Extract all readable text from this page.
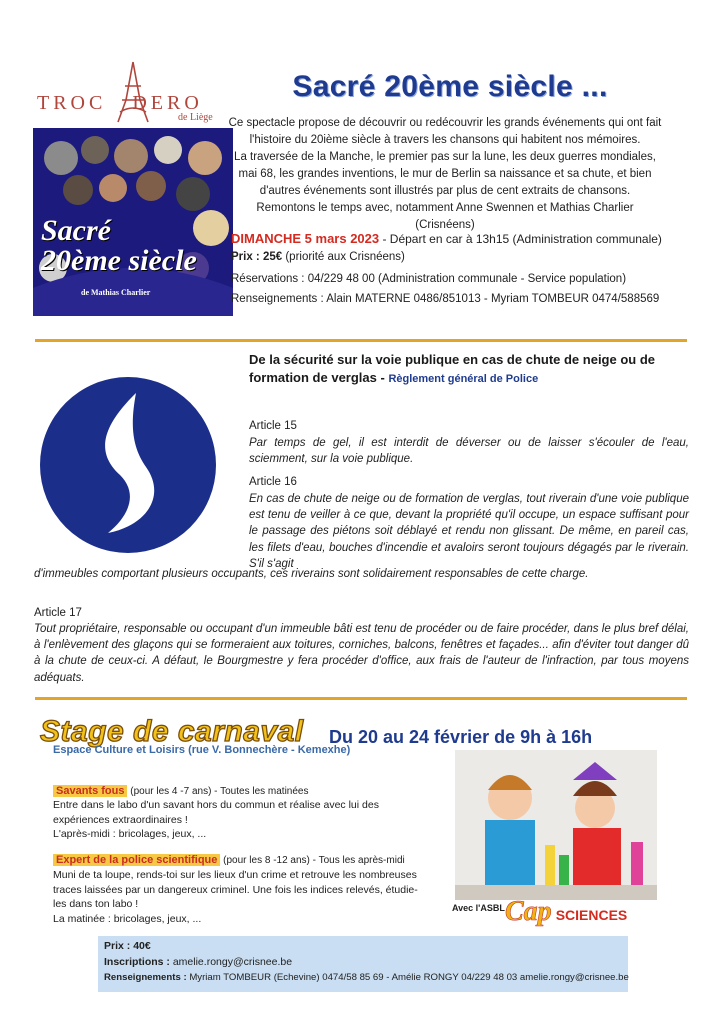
TROC DERO
de Liège
Sacré
20ème siècle
de Mathias Charlier
Sacré 20ème siècle ...
Ce spectacle propose de découvrir ou redécouvrir les grands événements qui ont fait
l'histoire du 20ième siècle à travers les chansons qui habitent nos mémoires.
La traversée de la Manche, le premier pas sur la lune, les deux guerres mondiales,
mai 68, les grandes inventions, le mur de Berlin sa naissance et sa chute, et bien
d'autres événements sont illustrés par plus de cent extraits de chansons.
Remontons le temps avec, notamment Anne Swennen et Mathias Charlier (Crisnéens)
DIMANCHE 5 mars 2023 - Départ en car à 13h15 (Administration communale)
Prix : 25€ (priorité aux Crisnéens)
Réservations : 04/229 48 00 (Administration communale - Service population)
Renseignements : Alain MATERNE 0486/851013 - Myriam TOMBEUR 0474/588569
De la sécurité sur la voie publique en cas de chute de neige ou de formation de verglas - Règlement général de Police
Article 15
Par temps de gel, il est interdit de déverser ou de laisser s'écouler de l'eau, sciemment, sur la voie publique.
Article 16
En cas de chute de neige ou de formation de verglas, tout riverain d'une voie publique est tenu de veiller à ce que, devant la propriété qu'il occupe, un espace suffisant pour le passage des piétons soit déblayé et rendu non glissant. De même, en pareil cas, les filets d'eau, bouches d'incendie et avaloirs seront toujours dégagés par le riverain. S'il s'agit
d'immeubles comportant plusieurs occupants, ces riverains sont solidairement responsables de cette charge.
Article 17
Tout propriétaire, responsable ou occupant d'un immeuble bâti est tenu de procéder ou de faire procéder, dans le plus bref délai, à l'enlèvement des glaçons qui se formeraient aux toitures, corniches, balcons, fenêtres et façades... afin d'éviter tout danger dû à la chute de ceux-ci. A défaut, le Bourgmestre y fera procéder d'office, aux frais de l'auteur de l'infraction, par tous moyens adéquats.
Stage de carnaval Du 20 au 24 février de 9h à 16h
Espace Culture et Loisirs (rue V. Bonnechère - Kemexhe)
Savants fous (pour les 4 -7 ans) - Toutes les matinées
Entre dans le labo d'un savant hors du commun et réalise avec lui des expériences extraordinaires !
L'après-midi : bricolages, jeux, ...
Expert de la police scientifique (pour les 8 -12 ans) - Tous les après-midi
Muni de ta loupe, rends-toi sur les lieux d'un crime et retrouve les nombreuses traces laissées par un dangereux criminel. Une fois les indices relevés, étudie-les dans ton labo !
La matinée : bricolages, jeux, ...
Avec l'ASBL Cap SCIENCES
Prix : 40€
Inscriptions : amelie.rongy@crisnee.be
Renseignements : Myriam TOMBEUR (Echevine) 0474/58 85 69 - Amélie RONGY 04/229 48 03 amelie.rongy@crisnee.be
